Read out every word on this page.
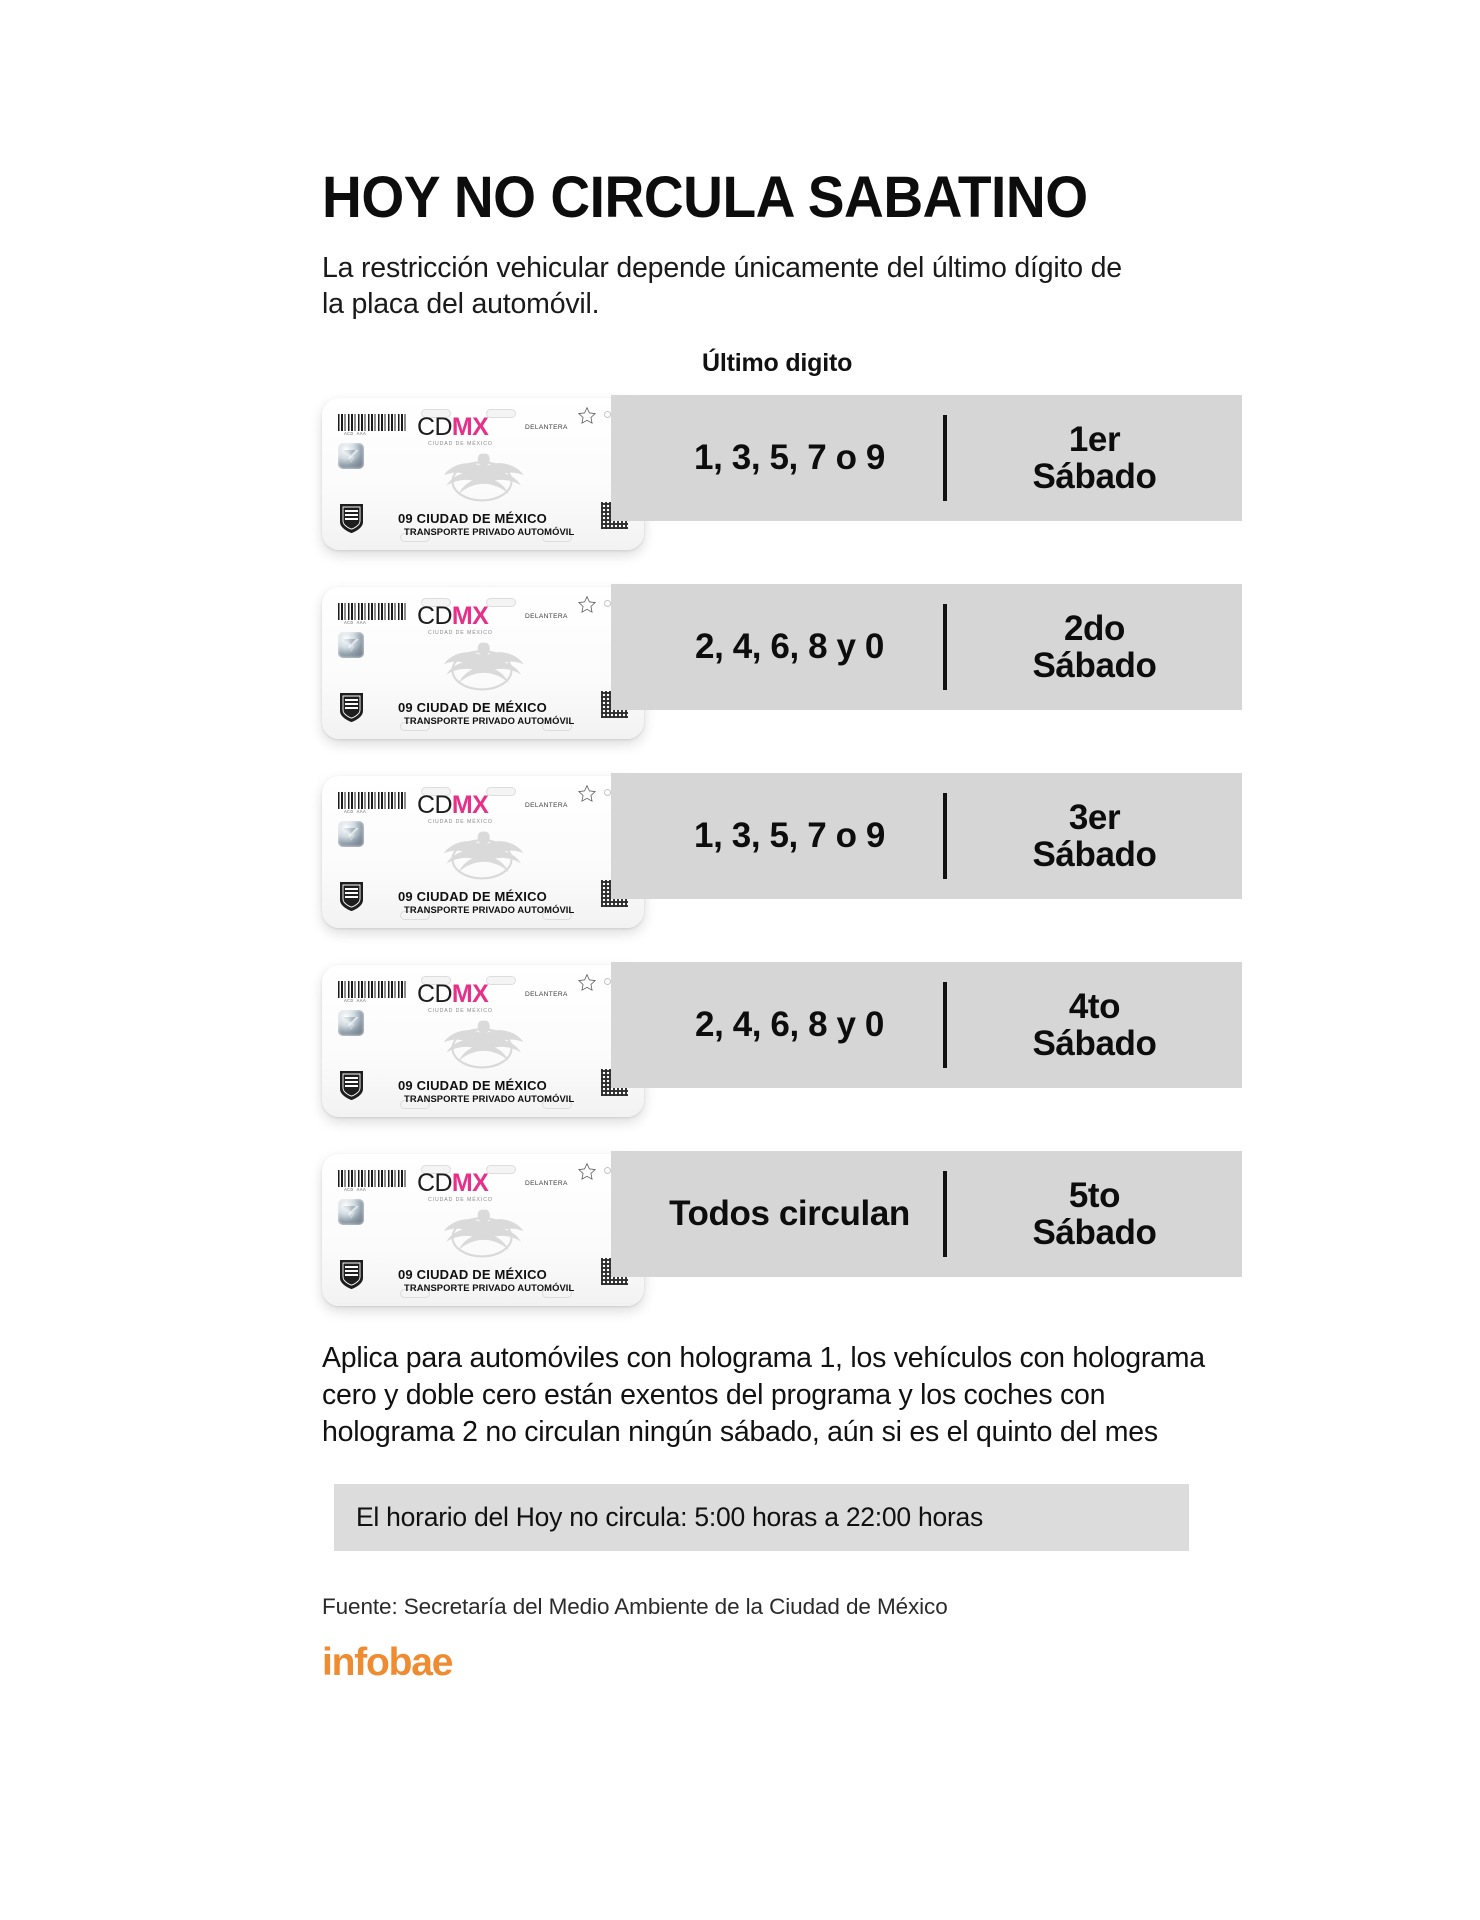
HOY NO CIRCULA SABATINO

La restricción vehicular depende únicamente del último dígito de la placa del automóvil.

Último digito
ACD AAA CDMX
CIUDAD DE MÉXICO
DELANTERA
09 CIUDAD DE MÉXICO
TRANSPORTE PRIVADO AUTOMÓVIL
1, 3, 5, 7 o 9	1er
Sábado
ACD AAA CDMX
CIUDAD DE MÉXICO
DELANTERA
09 CIUDAD DE MÉXICO
TRANSPORTE PRIVADO AUTOMÓVIL
2, 4, 6, 8 y 0	2do
Sábado
ACD AAA CDMX
CIUDAD DE MÉXICO
DELANTERA
09 CIUDAD DE MÉXICO
TRANSPORTE PRIVADO AUTOMÓVIL
1, 3, 5, 7 o 9	3er
Sábado
ACD AAA CDMX
CIUDAD DE MÉXICO
DELANTERA
09 CIUDAD DE MÉXICO
TRANSPORTE PRIVADO AUTOMÓVIL
2, 4, 6, 8 y 0	4to
Sábado
ACD AAA CDMX
CIUDAD DE MÉXICO
DELANTERA
09 CIUDAD DE MÉXICO
TRANSPORTE PRIVADO AUTOMÓVIL
Todos circulan	5to
Sábado

Aplica para automóviles con holograma 1, los vehículos con holograma cero y doble cero están exentos del programa y los coches con holograma 2 no circulan ningún sábado, aún si es el quinto del mes

El horario del Hoy no circula: 5:00 horas a 22:00 horas

Fuente: Secretaría del Medio Ambiente de la Ciudad de México

infobae
